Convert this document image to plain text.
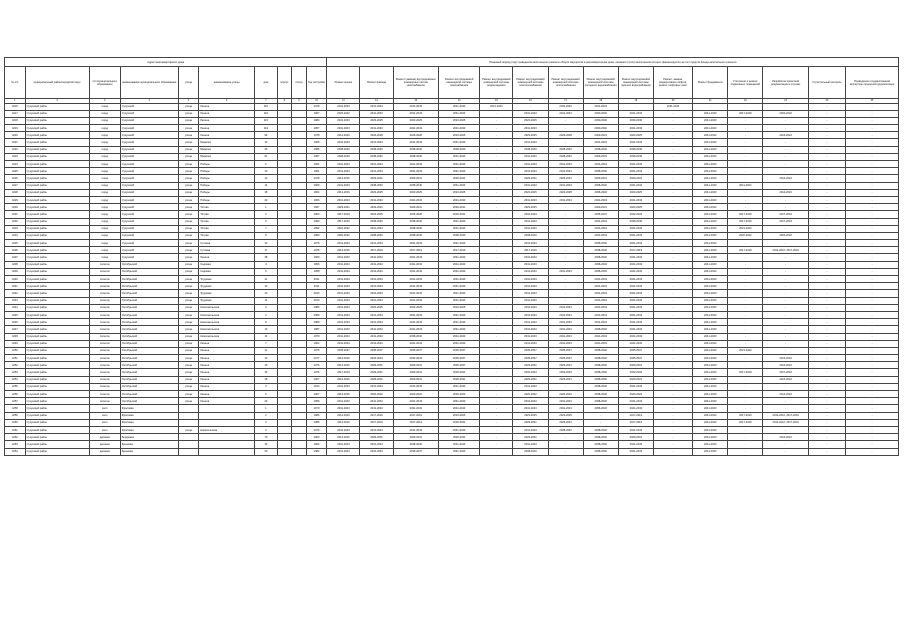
Адрес многоквартирного дома										Плановый период (год) проведения капитального ремонта общего имущества в многоквартирном доме, оказания и (или) выполнения которых финансируется за счет средств фонда капитального ремонта														
№ п/п	муниципальный район/городской округ	тип муниципального образования	наименование муниципального образования	улица	наименование улицы	дом	корпус	литер	Год постройки	Ремонт крыши	Ремонт фасада	Ремонт (замена) внутридомовых инженерных систем газоснабжения	Ремонт внутридомовой инженерной системы газоснабжения	Ремонт внутридомовой инженерной системы водоотведения	Ремонт внутридомовой инженерной системы электроснабжения	Ремонт внутридомовой инженерной системы теплоснабжения	Ремонт внутридомовой инженерной системы холодного водоснабжения	Ремонт внутридомовой инженерной системы горячего водоснабжения	Ремонт, замена, модернизация лифтов, ремонт лифтовых шахт	Ремонт фундамента	Утепление и ремонт подвальных помещений	Разработка проектной документации в случаях	Строительный контроль	Проведение государственной экспертизы проектной документации
1	2	3	4	5	6	7	8	9	10	11	12	13	14	15	16	17	18	19	20	21	22	23	24	25
4216	Сузунский район	город	Сузунский	улица	Ленина	110			1979	2041-2043	2041-2043	2041-2043	2041-2043	2041-2043	-	2030-2040	2041-2043	-	2041-2043	-	-	-	-	-
4217	Сузунский район	город	Сузунский	улица	Ленина	116			1967	2020-2022	2041-2043	2041-2043	2041-2043	-	2041-2043	2041-2043	2030-2040	2041-2043	-	2041-2043	2017-2019	2020-2022	-	-
4218	Сузунский район	город	Сузунский	улица	Ленина	115			1984	2041-2043	2023-2025	2023-2025	2023-2025	-	2023-2025	-	2030-2040	2030-2040	-	2041-2043	-	-	-	-
4219	Сузунский район	город	Сузунский	улица	Ленина	119			1957	2041-2043	2041-2043	2041-2043	2041-2043	-	2041-2043	-	2030-2040	2041-2043	-	2041-2043	-	-	-	-
4220	Сузунский район	город	Сузунский	улица	Ленина	94			1978	2014-2016	2026-2028	2026-2028	2023-2025	-	2023-2025	2026-2028	2029-2031	2023-2025	-	2041-2043	-	2014-2016	-	-
4221	Сузунский район	город	Сузунский	улица	Маркина	12			1965	2041-2043	2041-2043	2041-2043	2041-2043	-	2041-2043	-	2041-2043	2041-2043	-	2041-2043	-	-	-	-
4222	Сузунский район	город	Сузунский	улица	Маркина	45			1985	2038-2040	2038-2040	2038-2040	2038-2040	-	2038-2040	2038-2040	2038-2040	2038-2040	-	2041-2043	-	-	-	-
4223	Сузунский район	город	Сузунский	улица	Маркина	51			1987	2038-2040	2038-2040	2038-2040	2041-2043	-	2041-2043	2038-2040	2029-2031	2038-2040	-	2041-2043	-	-	-	-
4224	Сузунский район	город	Сузунский	улица	Победы	6			1961	2041-2043	2041-2043	2041-2043	2041-2043	-	2041-2043	2041-2043	2041-2043	2041-2043	-	2041-2043	-	-	-	-
4225	Сузунский район	город	Сузунский	улица	Победы	10			1961	2041-2043	2041-2043	2041-2043	2041-2043	-	2041-2043	2041-2043	2038-2040	2041-2043	-	2041-2043	-	-	-	-
4226	Сузунский район	город	Сузунский	улица	Победы	12			1979	2014-2016	2029-2031	2029-2031	2029-2031	-	2029-2031	2029-2031	2029-2031	2029-2031	-	2041-2043	-	2014-2016	-	-
4227	Сузунский район	город	Сузунский	улица	Победы	14			1969	2041-2043	2038-2040	2038-2040	2041-2043	-	2041-2043	2041-2043	2038-2040	2041-2043	-	2041-2043	2011-2022	-	-	-
4228	Сузунский район	город	Сузунский	улица	Победы	18			1964	2014-2016	2023-2025	2023-2025	2023-2025	-	2023-2025	2026-2028	2038-2040	2023-2025	-	2041-2043	-	2014-2016	-	-
4229	Сузунский район	город	Сузунский	улица	Победы	20			1966	2041-2043	2041-2043	2041-2043	2041-2043	-	2041-2043	2041-2043	2041-2043	2041-2043	-	2041-2043	-	-	-	-
4230	Сузунский район	город	Сузунский	улица	Титова	1			1967	2029-2031	2029-2031	2029-2031	2029-2031	-	2023-2025	-	2029-2031	2023-2025	-	2041-2043	-	-	-	-
4231	Сузунский район	город	Сузунский	улица	Титова	2			1963	2017-2019	2023-2025	2026-2028	2029-2031	-	2032-2034	-	2035-2037	2032-2034	-	2041-2043	2017-2019	2017-2019	-	-
4232	Сузунский район	город	Сузунский	улица	Титова	6			1990	2017-2019	2038-2040	2038-2040	2041-2043	-	2041-2043	-	2041-2043	2038-2040	-	2041-2043	2017-2019	2017-2019	-	-
4233	Сузунский район	город	Сузунский	улица	Титова	7			1992	2020-2022	2041-2043	2038-2040	2041-2043	-	2041-2043	-	2041-2043	2041-2043	-	2041-2043	2021-2022	-	-	-
4234	Сузунский район	город	Сузунский	улица	Титова	8			1990	2020-2022	2038-2040	2038-2040	2038-2040	-	2038-2040	-	2041-2043	2041-2043	-	2041-2043	2020-2022	2020-2022	-	-
4235	Сузунский район	город	Сузунский	улица	Сучкова	13			1975	2041-2043	2041-2043	2041-2043	2041-2043	-	2041-2043	-	2038-2040	2041-2043	-	2041-2043	-	-	-	-
4236	Сузунский район	город	Сузунский	улица	Сучкова	17			1975	2014-2016	2017-2019	2017-2019	2017-2019	-	2017-2019	-	2038-2040	2017-2019	-	2041-2043	2017-2019	2014-2016, 2017-2019	-	-
4237	Сузунский район	город	Сузунский	улица	Ленина	38			1969	2041-2043	2041-2043	2041-2043	2041-2043	-	2041-2043	-	2038-2040	2041-2043	-	2041-2043	-	-	-	-
4238	Сузунский район	поселок	Октябрьский	улица	Садовая	4			1956	2041-2043	2041-2043	2041-2043	2041-2043	-	2041-2043	-	2038-2040	2041-2043	-	2041-2043	-	-	-	-
4239	Сузунский район	поселок	Октябрьский	улица	Садовая	5			1958	2041-2043	2041-2043	2041-2043	2041-2043	-	2041-2043	2041-2043	2038-2040	2041-2043	-	2041-2043	-	-	-	-
4240	Сузунский район	поселок	Октябрьский	улица	Трудовая	11			2011	2041-2043	2041-2043	2041-2043	2041-2043	-	2041-2043	-	2041-2043	2041-2043	-	2041-2043	-	-	-	-
4241	Сузунский район	поселок	Октябрьский	улица	Трудовая	12			2011	2041-2043	2041-2043	2041-2043	2041-2043	-	2041-2043	-	2041-2043	2041-2043	-	2041-2043	-	-	-	-
4242	Сузунский район	поселок	Октябрьский	улица	Трудовая	13			2010	2041-2043	2041-2043	2041-2043	2041-2043	-	2041-2043	-	2041-2043	2041-2043	-	2041-2043	-	-	-	-
4243	Сузунский район	поселок	Октябрьский	улица	Трудовая	14			2010	2041-2043	2041-2043	2041-2043	2041-2043	-	2041-2043	-	2041-2043	2041-2043	-	2041-2043	-	-	-	-
4244	Сузунский район	поселок	Октябрьский	улица	Комсомольская	9			1980	2041-2043	2023-2025	2023-2025	2023-2025	-	2041-2043	2041-2043	2041-2043	2041-2043	-	2041-2043	-	-	-	-
4245	Сузунский район	поселок	Октябрьский	улица	Комсомольская	4			1989	2041-2043	2041-2043	2041-2043	2041-2043	-	2041-2043	2041-2043	2041-2043	2041-2043	-	2041-2043	-	-	-	-
4246	Сузунский район	поселок	Октябрьский	улица	Комсомольская	8			1989	2041-2043	2041-2043	2041-2043	2041-2043	-	2041-2043	2041-2043	2041-2043	2041-2043	-	2041-2043	-	-	-	-
4247	Сузунский район	поселок	Октябрьский	улица	Комсомольская	10			1987	2041-2043	2041-2043	2041-2043	2041-2043	-	2041-2043	2041-2043	2038-2040	2041-2043	-	2041-2043	-	-	-	-
4248	Сузунский район	поселок	Октябрьский	улица	Комсомольская	14			1979	2041-2043	2041-2043	2038-2040	2041-2043	-	2041-2043	2041-2043	2041-2043	2041-2043	-	2041-2043	-	-	-	-
4249	Сузунский район	поселок	Октябрьский	улица	Ленина	7			1962	2041-2043	2041-2043	2041-2043	2041-2043	-	2041-2043	2041-2043	2041-2043	2041-2043	-	2041-2043	-	-	-	-
4250	Сузунский район	поселок	Октябрьский	улица	Ленина	11			1975	2035-2037	2035-2037	2035-2037	2035-2037	-	2035-2037	2035-2037	2038-2040	2035-2037	-	2041-2043	2021-2022	-	-	-
4251	Сузунский район	поселок	Октябрьский	улица	Ленина	13			1977	2014-2016	2032-2034	2032-2034	2035-2037	-	2035-2037	2035-2037	2038-2040	2035-2037	-	2041-2043	-	2014-2016	-	-
4252	Сузунский район	поселок	Октябрьский	улица	Ленина	15			1976	2014-2016	2029-2031	2029-2031	2035-2037	-	2029-2031	2029-2031	2038-2040	2029-2031	-	2041-2043	-	2014-2016	-	-
4253	Сузунский район	поселок	Октябрьский	улица	Ленина	16			1976	2017-2019	2029-2031	2029-2031	2029-2031	-	2032-2034	2032-2034	2038-2040	2032-2034	-	2041-2043	2017-2019	2017-2019	-	-
4254	Сузунский район	поселок	Октябрьский	улица	Ленина	18			1967	2014-2016	2029-2031	2029-2031	2029-2031	-	2029-2031	2029-2031	2038-2040	2029-2031	-	2041-2043	-	2014-2016	-	-
4255	Сузунский район	поселок	Октябрьский	улица	Ленина	3			1913	2041-2043	2041-2043	2041-2043	2041-2043	-	2041-2043	-	2038-2040	2041-2043	-	2041-2043	-	-	-	-
4256	Сузунский район	поселок	Октябрьский	улица	Ленина	6			1967	2014-2016	2020-2022	2020-2022	2020-2022	-	2020-2022	2020-2022	2038-2040	2020-2022	-	2041-2043	-	2014-2016	-	-
4257	Сузунский район	поселок	Октябрьский	улица	Ленина	20			1956	2041-2043	2041-2043	2041-2043	2041-2043	-	2041-2043	2041-2043	2038-2040	2041-2043	-	2041-2043	-	-	-	-
4258	Сузунский район	село	Фроловка			1			1970	2041-2043	2041-2043	2041-2043	2041-2043	-	2041-2043	2041-2043	2038-2040	2041-2043	-	2041-2043	-	-	-	-
4259	Сузунский район	село	Фроловка			2			1986	2014-2016	2017-2019	2017-2019	2023-2025	-	2023-2025	2023-2025	-	2017-2019	-	2041-2043	2017-2019	2014-2016, 2017-2019	-	-
4260	Сузунский район	село	Фроловка			3			1985	2014-2016	2017-2019	2017-2019	2029-2031	-	2029-2031	2029-2031	-	2017-2019	-	2041-2043	2017-2019	2014-2016, 2017-2019	-	-
4261	Сузунский район	село	Фроловка	улица	Новосельская	3			1970	2041-2043	2041-2043	2041-2043	2041-2043	-	2041-2043	2038-2040	2038-2040	2041-2043	-	2041-2043	-	-	-	-
4262	Сузунский район	деревня	Бердюжка			70			1960	2014-2016	2029-2031	2029-2031	2029-2031	-	2029-2031	-	2038-2040	2029-2031	-	2041-2043	-	2014-2016	-	-
4263	Сузунский район	деревня	Бунькова			15			1962	2041-2043	2041-2043	2038-2040	2041-2043	-	2041-2043	-	2038-2040	2041-2043	-	2041-2043	-	-	-	-
4264	Сузунский район	деревня	Бунькова			20			1982	2041-2043	2041-2043	2035-2037	2041-2043	-	2038-2040	-	2038-2040	2041-2043	-	2041-2043	-	-	-	-
